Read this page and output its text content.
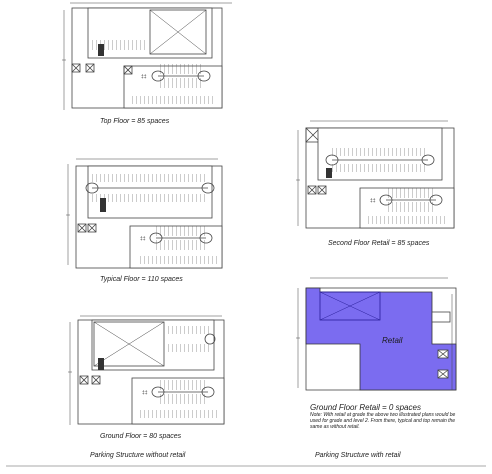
‡‡
‡‡
‡‡
‡‡
Top Floor = 85 spaces
Typical Floor = 110 spaces
Ground Floor = 80 spaces
Second Floor Retail = 85 spaces
Ground Floor Retail = 0 spaces
Note: With retail at grade the above two illustrated plans would be used for grade and level 2. From there, typical and top remain the same as without retail.
Retail
Parking Structure without retail	Parking Structure with retail
